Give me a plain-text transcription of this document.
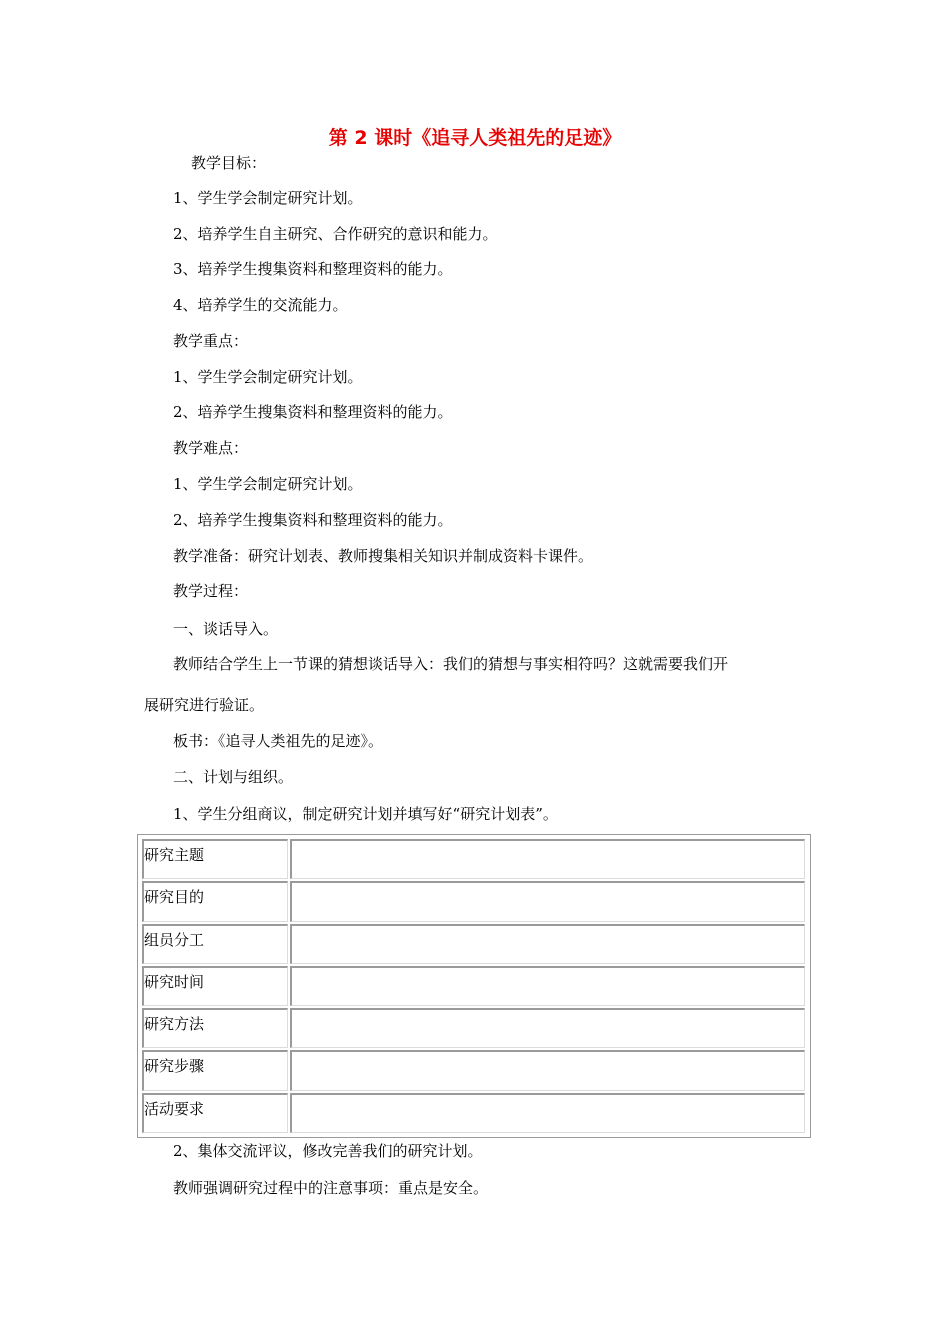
第 2 课时《追寻人类祖先的足迹》
教学目标：
1、学生学会制定研究计划。
2、培养学生自主研究、合作研究的意识和能力。
3、培养学生搜集资料和整理资料的能力。
4、培养学生的交流能力。
教学重点：
1、学生学会制定研究计划。
2、培养学生搜集资料和整理资料的能力。
教学难点：
1、学生学会制定研究计划。
2、培养学生搜集资料和整理资料的能力。
教学准备：研究计划表、教师搜集相关知识并制成资料卡课件。
教学过程：
一、谈话导入。
教师结合学生上一节课的猜想谈话导入：我们的猜想与事实相符吗？这就需要我们开
展研究进行验证。
板书：《追寻人类祖先的足迹》。
二、计划与组织。
1、学生分组商议，制定研究计划并填写好“研究计划表”。
研究主题
研究目的
组员分工
研究时间
研究方法
研究步骤
活动要求
2、集体交流评议，修改完善我们的研究计划。
教师强调研究过程中的注意事项：重点是安全。
